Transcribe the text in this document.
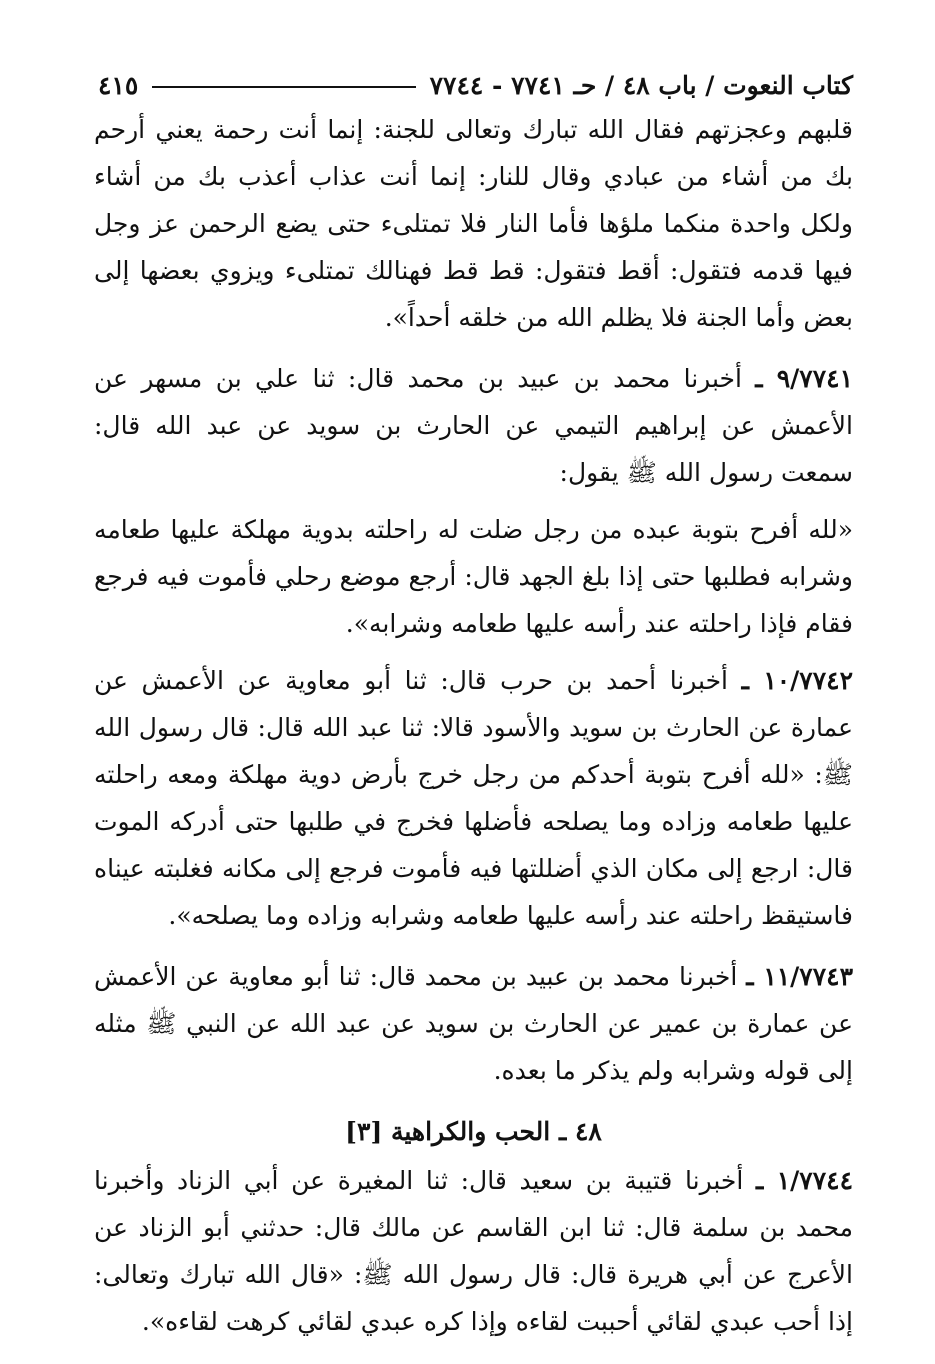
كتاب النعوت / باب ٤٨ / حـ ٧٧٤١ - ٧٧٤٤
٤١٥

قلبهم وعجزتهم فقال الله تبارك وتعالى للجنة: إنما أنت رحمة يعني أرحم بك من أشاء من عبادي وقال للنار: إنما أنت عذاب أعذب بك من أشاء ولكل واحدة منكما ملؤها فأما النار فلا تمتلىء حتى يضع الرحمن عز وجل فيها قدمه فتقول: أقط فتقول: قط قط فهنالك تمتلىء ويزوي بعضها إلى بعض وأما الجنة فلا يظلم الله من خلقه أحداً».

٩/٧٧٤١ ـ أخبرنا محمد بن عبيد بن محمد قال: ثنا علي بن مسهر عن الأعمش عن إبراهيم التيمي عن الحارث بن سويد عن عبد الله قال: سمعت رسول الله ﷺ يقول:

«لله أفرح بتوبة عبده من رجل ضلت له راحلته بدوية مهلكة عليها طعامه وشرابه فطلبها حتى إذا بلغ الجهد قال: أرجع موضع رحلي فأموت فيه فرجع فقام فإذا راحلته عند رأسه عليها طعامه وشرابه».

١٠/٧٧٤٢ ـ أخبرنا أحمد بن حرب قال: ثنا أبو معاوية عن الأعمش عن عمارة عن الحارث بن سويد والأسود قالا: ثنا عبد الله قال: قال رسول الله ﷺ: «لله أفرح بتوبة أحدكم من رجل خرج بأرض دوية مهلكة ومعه راحلته عليها طعامه وزاده وما يصلحه فأضلها فخرج في طلبها حتى أدركه الموت قال: ارجع إلى مكان الذي أضللتها فيه فأموت فرجع إلى مكانه فغلبته عيناه فاستيقظ راحلته عند رأسه عليها طعامه وشرابه وزاده وما يصلحه».

١١/٧٧٤٣ ـ أخبرنا محمد بن عبيد بن محمد قال: ثنا أبو معاوية عن الأعمش عن عمارة بن عمير عن الحارث بن سويد عن عبد الله عن النبي ﷺ مثله إلى قوله وشرابه ولم يذكر ما بعده.

٤٨ ـ الحب والكراهية [٣]

١/٧٧٤٤ ـ أخبرنا قتيبة بن سعيد قال: ثنا المغيرة عن أبي الزناد وأخبرنا محمد بن سلمة قال: ثنا ابن القاسم عن مالك قال: حدثني أبو الزناد عن الأعرج عن أبي هريرة قال: قال رسول الله ﷺ: «قال الله تبارك وتعالى: إذا أحب عبدي لقائي أحببت لقاءه وإذا كره عبدي لقائي كرهت لقاءه».
